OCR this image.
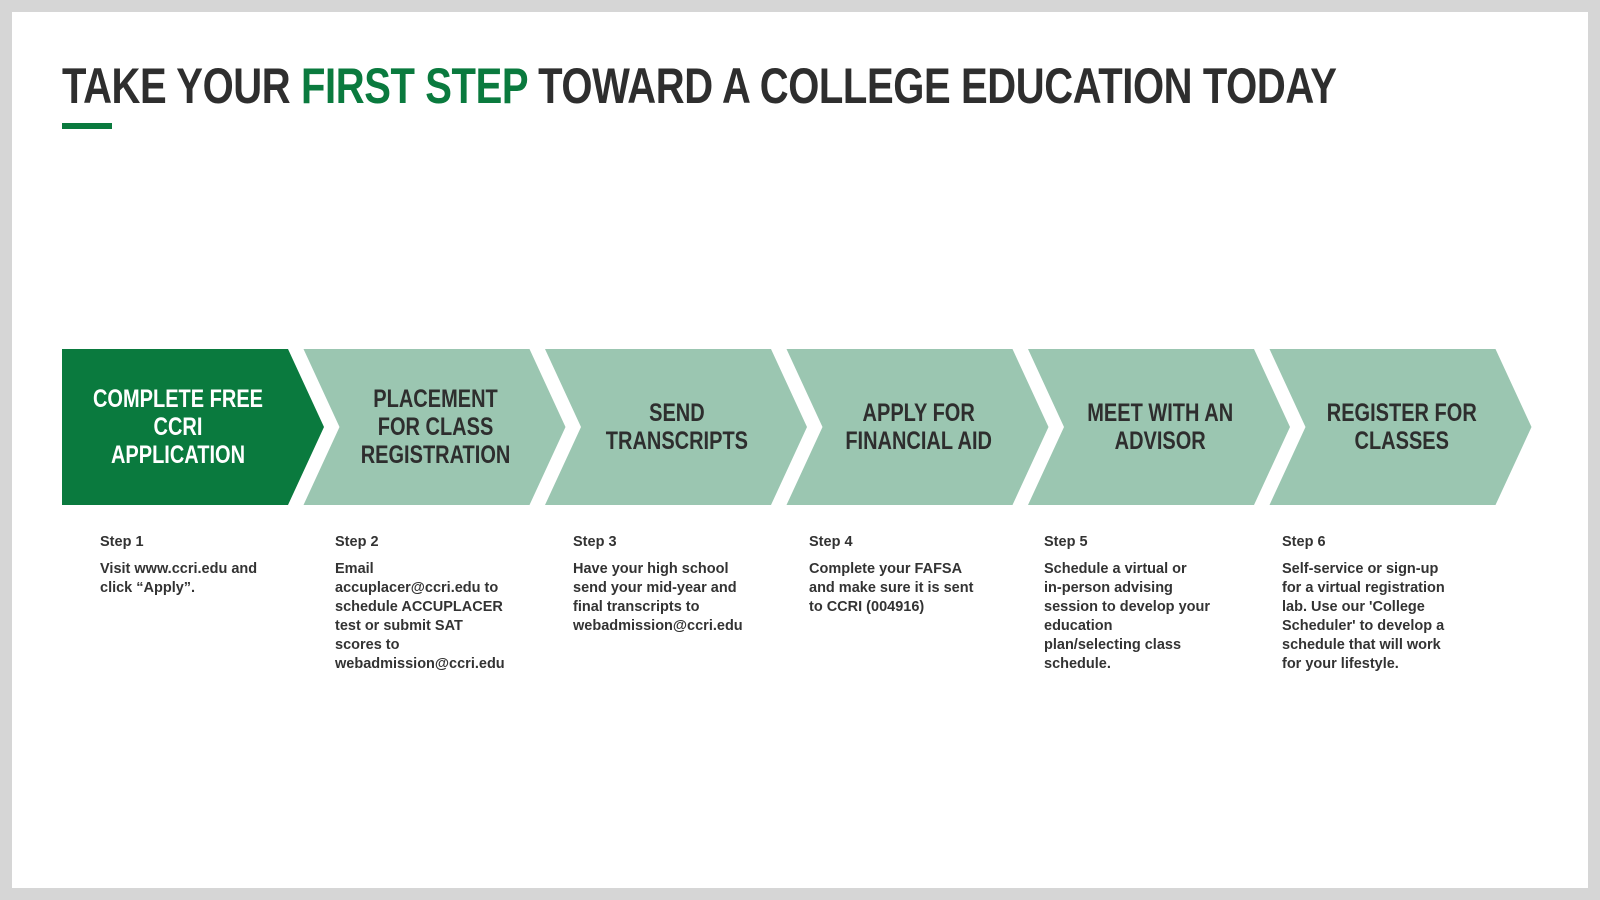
TAKE YOUR FIRST STEP TOWARD A COLLEGE EDUCATION TODAY
COMPLETE FREE
CCRI APPLICATION
PLACEMENT
FOR CLASS
REGISTRATION
SEND
TRANSCRIPTS
APPLY FOR
FINANCIAL AID
MEET WITH AN
ADVISOR
REGISTER FOR
CLASSES
Step 1
Visit www.ccri.edu and
click “Apply”.
Step 2
Email
accuplacer@ccri.edu to
schedule ACCUPLACER
test or submit SAT
scores to
webadmission@ccri.edu
Step 3
Have your high school
send your mid-year and
final transcripts to
webadmission@ccri.edu
Step 4
Complete your FAFSA
and make sure it is sent
to CCRI (004916)
Step 5
Schedule a virtual or
in-person advising
session to develop your
education
plan/selecting class
schedule.
Step 6
Self-service or sign-up
for a virtual registration
lab. Use our 'College
Scheduler' to develop a
schedule that will work
for your lifestyle.
